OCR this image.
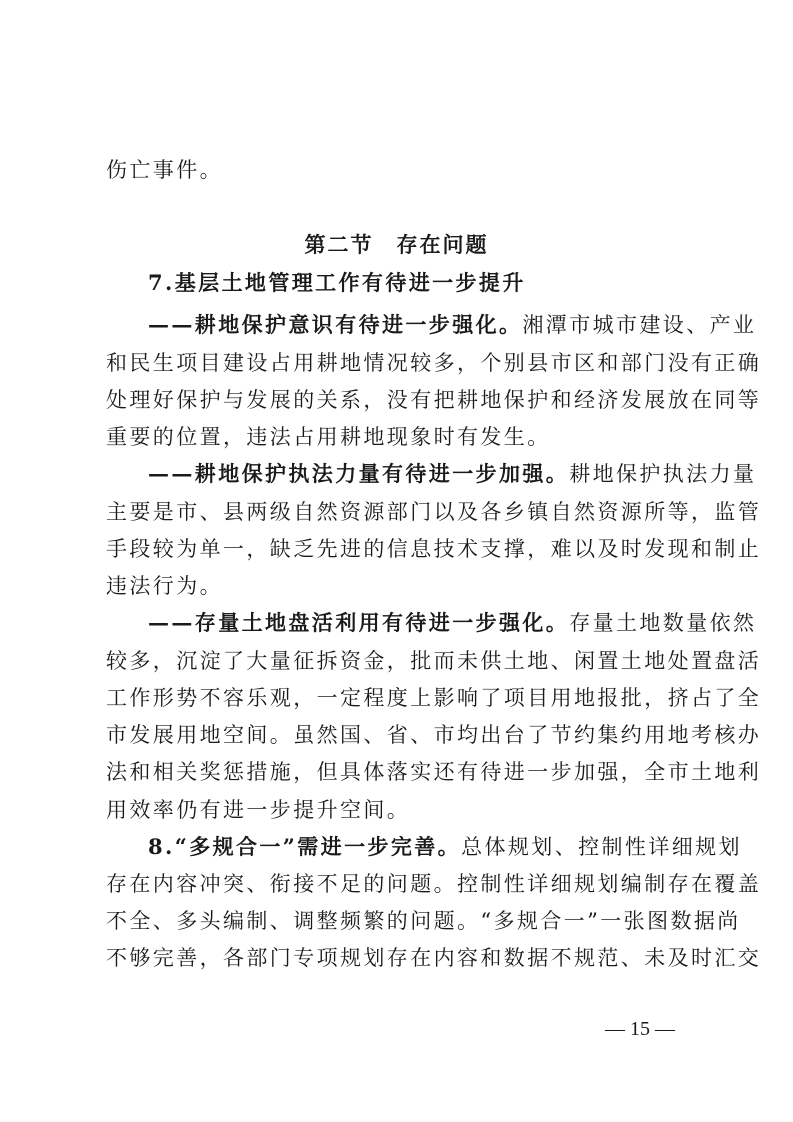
伤亡事件。
第二节　存在问题
7.基层土地管理工作有待进一步提升
——耕地保护意识有待进一步强化。湘潭市城市建设、产业
和民生项目建设占用耕地情况较多，个别县市区和部门没有正确
处理好保护与发展的关系，没有把耕地保护和经济发展放在同等
重要的位置，违法占用耕地现象时有发生。
——耕地保护执法力量有待进一步加强。耕地保护执法力量
主要是市、县两级自然资源部门以及各乡镇自然资源所等，监管
手段较为单一，缺乏先进的信息技术支撑，难以及时发现和制止
违法行为。
——存量土地盘活利用有待进一步强化。存量土地数量依然
较多，沉淀了大量征拆资金，批而未供土地、闲置土地处置盘活
工作形势不容乐观，一定程度上影响了项目用地报批，挤占了全
市发展用地空间。虽然国、省、市均出台了节约集约用地考核办
法和相关奖惩措施，但具体落实还有待进一步加强，全市土地利
用效率仍有进一步提升空间。
8.“多规合一”需进一步完善。总体规划、控制性详细规划
存在内容冲突、衔接不足的问题。控制性详细规划编制存在覆盖
不全、多头编制、调整频繁的问题。“多规合一”一张图数据尚
不够完善，各部门专项规划存在内容和数据不规范、未及时汇交
— 15 —
